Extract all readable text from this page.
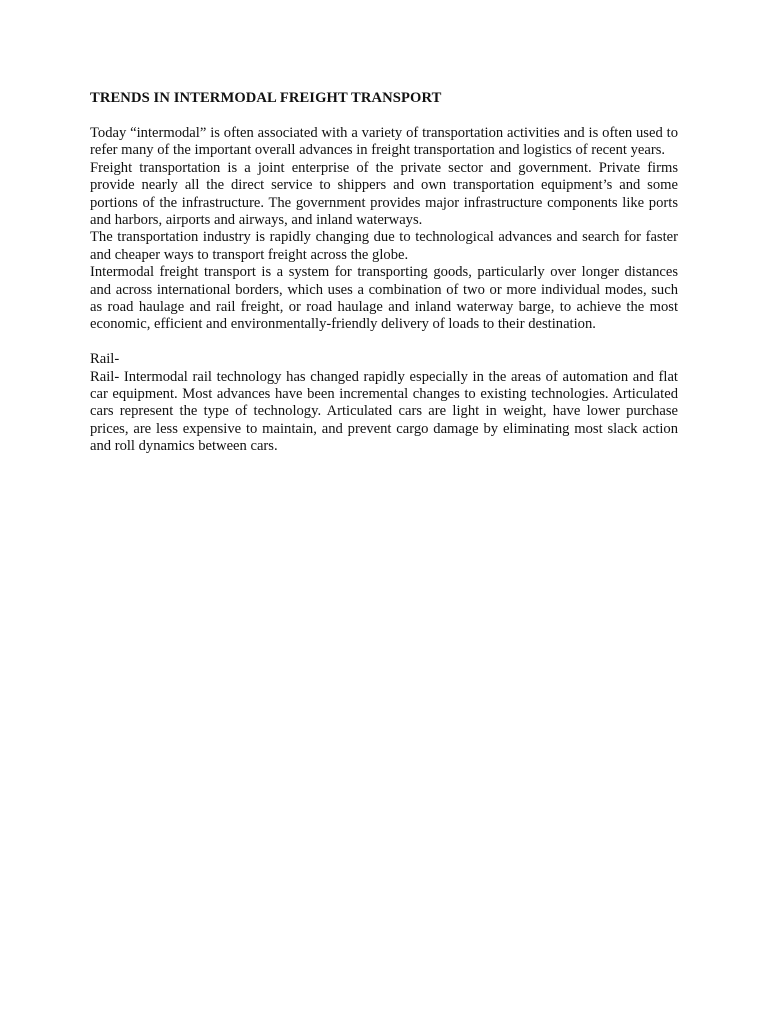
TRENDS IN INTERMODAL FREIGHT TRANSPORT

Today “intermodal” is often associated with a variety of transportation activities and is often used to refer many of the important overall advances in freight transportation and logistics of recent years.

Freight transportation is a joint enterprise of the private sector and government. Private firms provide nearly all the direct service to shippers and own transportation equipment’s and some portions of the infrastructure. The government provides major infrastructure components like ports and harbors, airports and airways, and inland waterways.

The transportation industry is rapidly changing due to technological advances and search for faster and cheaper ways to transport freight across the globe.

Intermodal freight transport is a system for transporting goods, particularly over longer distances and across international borders, which uses a combination of two or more individual modes, such as road haulage and rail freight, or road haulage and inland waterway barge, to achieve the most economic, efficient and environmentally-friendly delivery of loads to their destination.

Rail-

Rail- Intermodal rail technology has changed rapidly especially in the areas of automation and flat car equipment. Most advances have been incremental changes to existing technologies. Articulated cars represent the type of technology. Articulated cars are light in weight, have lower purchase prices, are less expensive to maintain, and prevent cargo damage by eliminating most slack action and roll dynamics between cars.
